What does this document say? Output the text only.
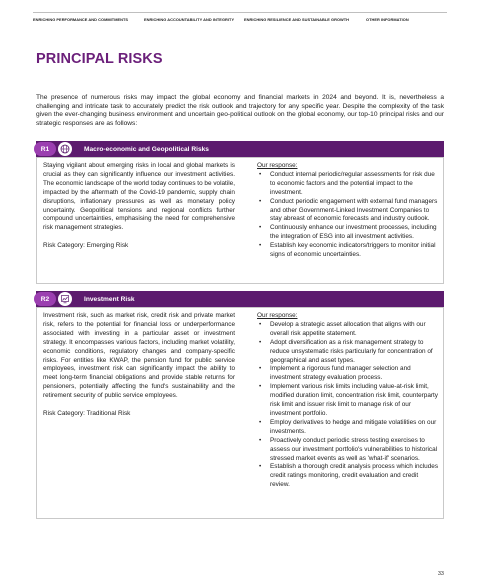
ENRICHING PERFORMANCE AND COMMITMENTS	ENRICHING ACCOUNTABILITY AND INTEGRITY	ENRICHING RESILIENCE AND SUSTAINABLE GROWTH	OTHER INFORMATION
PRINCIPAL RISKS

The presence of numerous risks may impact the global economy and financial markets in 2024 and beyond. It is, nevertheless a challenging and intricate task to accurately predict the risk outlook and trajectory for any specific year. Despite the complexity of the task given the ever-changing business environment and uncertain geo-political outlook on the global economy, our top-10 principal risks and our strategic responses are as follows:

R1	Macro-economic and Geopolitical Risks

Staying vigilant about emerging risks in local and global markets is crucial as they can significantly influence our investment activities. The economic landscape of the world today continues to be volatile, impacted by the aftermath of the Covid-19 pandemic, supply chain disruptions, inflationary pressures as well as monetary policy uncertainty. Geopolitical tensions and regional conflicts further compound uncertainties, emphasising the need for comprehensive risk management strategies.

Risk Category: Emerging Risk

Our response:

• Conduct internal periodic/regular assessments for risk due to economic factors and the potential impact to the investment.
• Conduct periodic engagement with external fund managers and other Government-Linked Investment Companies to stay abreast of economic forecasts and industry outlook.
• Continuously enhance our investment processes, including the integration of ESG into all investment activities.
• Establish key economic indicators/triggers to monitor initial signs of economic uncertainties.
R2	Investment Risk

Investment risk, such as market risk, credit risk and private market risk, refers to the potential for financial loss or underperformance associated with investing in a particular asset or investment strategy. It encompasses various factors, including market volatility, economic conditions, regulatory changes and company-specific risks. For entities like KWAP, the pension fund for public service employees, investment risk can significantly impact the ability to meet long-term financial obligations and provide stable returns for pensioners, potentially affecting the fund's sustainability and the retirement security of public service employees.

Risk Category: Traditional Risk

Our response:

• Develop a strategic asset allocation that aligns with our overall risk appetite statement.
• Adopt diversification as a risk management strategy to reduce unsystematic risks particularly for concentration of geographical and asset types.
• Implement a rigorous fund manager selection and investment strategy evaluation process.
• Implement various risk limits including value-at-risk limit, modified duration limit, concentration risk limit, counterparty risk limit and issuer risk limit to manage risk of our investment portfolio.
• Employ derivatives to hedge and mitigate volatilities on our investments.
• Proactively conduct periodic stress testing exercises to assess our investment portfolio's vulnerabilities to historical stressed market events as well as 'what-if' scenarios.
• Establish a thorough credit analysis process which includes credit ratings monitoring, credit evaluation and credit review.
33
